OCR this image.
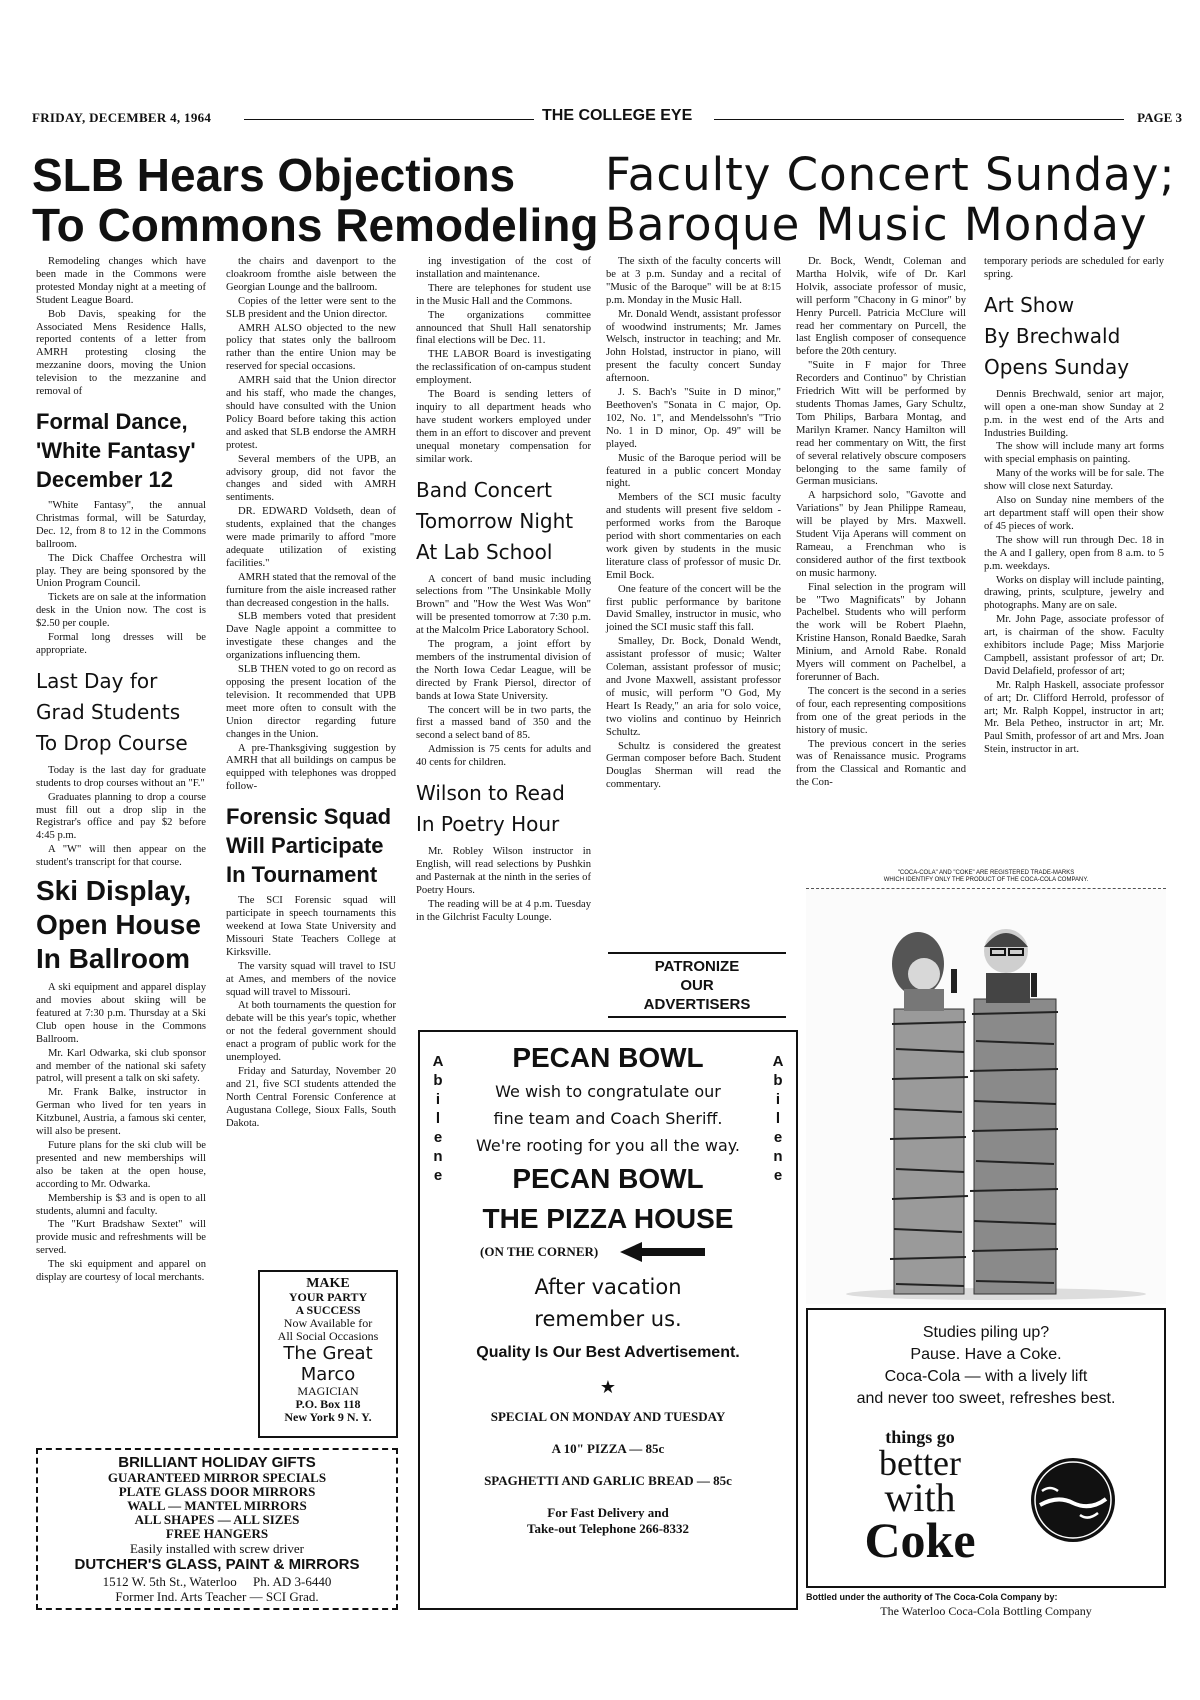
FRIDAY, DECEMBER 4, 1964	THE COLLEGE EYE	PAGE 3
SLB Hears Objections
To Commons Remodeling
Faculty Concert Sunday;
Baroque Music Monday

Remodeling changes which have been made in the Commons were protested Monday night at a meeting of Student League Board.

Bob Davis, speaking for the Associated Mens Residence Halls, reported contents of a letter from AMRH protesting closing the mezzanine doors, moving the Union television to the mezzanine and removal of

Formal Dance,
'White Fantasy'
December 12

"White Fantasy", the annual Christmas formal, will be Saturday, Dec. 12, from 8 to 12 in the Commons ballroom.

The Dick Chaffee Orchestra will play. They are being sponsored by the Union Program Council.

Tickets are on sale at the information desk in the Union now. The cost is $2.50 per couple.

Formal long dresses will be appropriate.

Last Day for
Grad Students
To Drop Course

Today is the last day for graduate students to drop courses without an "F."

Graduates planning to drop a course must fill out a drop slip in the Registrar's office and pay $2 before 4:45 p.m.

A "W" will then appear on the student's transcript for that course.

Ski Display,
Open House
In Ballroom

A ski equipment and apparel display and movies about skiing will be featured at 7:30 p.m. Thursday at a Ski Club open house in the Commons Ballroom.

Mr. Karl Odwarka, ski club sponsor and member of the national ski safety patrol, will present a talk on ski safety.

Mr. Frank Balke, instructor in German who lived for ten years in Kitzbunel, Austria, a famous ski center, will also be present.

Future plans for the ski club will be presented and new memberships will also be taken at the open house, according to Mr. Odwarka.

Membership is $3 and is open to all students, alumni and faculty.

The "Kurt Bradshaw Sextet" will provide music and refreshments will be served.

The ski equipment and apparel on display are courtesy of local merchants.

the chairs and davenport to the cloakroom fromthe aisle between the Georgian Lounge and the ballroom.

Copies of the letter were sent to the SLB president and the Union director.

AMRH ALSO objected to the new policy that states only the ballroom rather than the entire Union may be reserved for special occasions.

AMRH said that the Union director and his staff, who made the changes, should have consulted with the Union Policy Board before taking this action and asked that SLB endorse the AMRH protest.

Several members of the UPB, an advisory group, did not favor the changes and sided with AMRH sentiments.

DR. EDWARD Voldseth, dean of students, explained that the changes were made primarily to afford "more adequate utilization of existing facilities."

AMRH stated that the removal of the furniture from the aisle increased rather than decreased congestion in the halls.

SLB members voted that president Dave Nagle appoint a committee to investigate these changes and the organizations influencing them.

SLB THEN voted to go on record as opposing the present location of the television. It recommended that UPB meet more often to consult with the Union director regarding future changes in the Union.

A pre-Thanksgiving suggestion by AMRH that all buildings on campus be equipped with telephones was dropped follow-

Forensic Squad
Will Participate
In Tournament

The SCI Forensic squad will participate in speech tournaments this weekend at Iowa State University and Missouri State Teachers College at Kirksville.

The varsity squad will travel to ISU at Ames, and members of the novice squad will travel to Missouri.

At both tournaments the question for debate will be this year's topic, whether or not the federal government should enact a program of public work for the unemployed.

Friday and Saturday, November 20 and 21, five SCI students attended the North Central Forensic Conference at Augustana College, Sioux Falls, South Dakota.

MAKE
YOUR PARTY
A SUCCESS
Now Available for
All Social Occasions
The Great
Marco
MAGICIAN
P.O. Box 118
New York 9 N. Y.
BRILLIANT HOLIDAY GIFTS
GUARANTEED MIRROR SPECIALS
PLATE GLASS DOOR MIRRORS
WALL — MANTEL MIRRORS
ALL SHAPES — ALL SIZES
FREE HANGERS
Easily installed with screw driver
DUTCHER'S GLASS, PAINT & MIRRORS
1512 W. 5th St., Waterloo     Ph. AD 3-6440
Former Ind. Arts Teacher — SCI Grad.

ing investigation of the cost of installation and maintenance.

There are telephones for student use in the Music Hall and the Commons.

The organizations committee announced that Shull Hall senatorship final elections will be Dec. 11.

THE LABOR Board is investigating the reclassification of on-campus student employment.

The Board is sending letters of inquiry to all department heads who have student workers employed under them in an effort to discover and prevent unequal monetary compensation for similar work.

Band Concert
Tomorrow Night
At Lab School

A concert of band music including selections from "The Unsinkable Molly Brown" and "How the West Was Won" will be presented tomorrow at 7:30 p.m. at the Malcolm Price Laboratory School.

The program, a joint effort by members of the instrumental division of the North Iowa Cedar League, will be directed by Frank Piersol, director of bands at Iowa State University.

The concert will be in two parts, the first a massed band of 350 and the second a select band of 85.

Admission is 75 cents for adults and 40 cents for children.

Wilson to Read
In Poetry Hour

Mr. Robley Wilson instructor in English, will read selections by Pushkin and Pasternak at the ninth in the series of Poetry Hours.

The reading will be at 4 p.m. Tuesday in the Gilchrist Faculty Lounge.

The sixth of the faculty concerts will be at 3 p.m. Sunday and a recital of "Music of the Baroque" will be at 8:15 p.m. Monday in the Music Hall.

Mr. Donald Wendt, assistant professor of woodwind instruments; Mr. James Welsch, instructor in teaching; and Mr. John Holstad, instructor in piano, will present the faculty concert Sunday afternoon.

J. S. Bach's "Suite in D minor," Beethoven's "Sonata in C major, Op. 102, No. 1", and Mendelssohn's "Trio No. 1 in D minor, Op. 49" will be played.

Music of the Baroque period will be featured in a public concert Monday night.

Members of the SCI music faculty and students will present five seldom - performed works from the Baroque period with short commentaries on each work given by students in the music literature class of professor of music Dr. Emil Bock.

One feature of the concert will be the first public performance by baritone David Smalley, instructor in music, who joined the SCI music staff this fall.

Smalley, Dr. Bock, Donald Wendt, assistant professor of music; Walter Coleman, assistant professor of music; and Jvone Maxwell, assistant professor of music, will perform "O God, My Heart Is Ready," an aria for solo voice, two violins and continuo by Heinrich Schultz.

Schultz is considered the greatest German composer before Bach. Student Douglas Sherman will read the commentary.

PATRONIZE
OUR
ADVERTISERS

Dr. Bock, Wendt, Coleman and Martha Holvik, wife of Dr. Karl Holvik, associate professor of music, will perform "Chacony in G minor" by Henry Purcell. Patricia McClure will read her commentary on Purcell, the last English composer of consequence before the 20th century.

"Suite in F major for Three Recorders and Continuo" by Christian Friedrich Witt will be performed by students Thomas James, Gary Schultz, Tom Philips, Barbara Montag, and Marilyn Kramer. Nancy Hamilton will read her commentary on Witt, the first of several relatively obscure composers belonging to the same family of German musicians.

A harpsichord solo, "Gavotte and Variations" by Jean Philippe Rameau, will be played by Mrs. Maxwell. Student Vija Aperans will comment on Rameau, a Frenchman who is considered author of the first textbook on music harmony.

Final selection in the program will be "Two Magnificats" by Johann Pachelbel. Students who will perform the work will be Robert Plaehn, Kristine Hanson, Ronald Baedke, Sarah Minium, and Arnold Rabe. Ronald Myers will comment on Pachelbel, a forerunner of Bach.

The concert is the second in a series of four, each representing compositions from one of the great periods in the history of music.

The previous concert in the series was of Renaissance music. Programs from the Classical and Romantic and the Con-

temporary periods are scheduled for early spring.

Art Show
By Brechwald
Opens Sunday

Dennis Brechwald, senior art major, will open a one-man show Sunday at 2 p.m. in the west end of the Arts and Industries Building.

The show will include many art forms with special emphasis on painting.

Many of the works will be for sale. The show will close next Saturday.

Also on Sunday nine members of the art department staff will open their show of 45 pieces of work.

The show will run through Dec. 18 in the A and I gallery, open from 8 a.m. to 5 p.m. weekdays.

Works on display will include painting, drawing, prints, sculpture, jewelry and photographs. Many are on sale.

Mr. John Page, associate professor of art, is chairman of the show. Faculty exhibitors include Page; Miss Marjorie Campbell, assistant professor of art; Dr. David Delafield, professor of art;

Mr. Ralph Haskell, associate professor of art; Dr. Clifford Herrold, professor of art; Mr. Ralph Koppel, instructor in art; Mr. Bela Petheo, instructor in art; Mr. Paul Smith, professor of art and Mrs. Joan Stein, instructor in art.

A
b
i
l
e
n
e
A
b
i
l
e
n
e
PECAN BOWL
We wish to congratulate our
fine team and Coach Sheriff.
We're rooting for you all the way.
PECAN BOWL
THE PIZZA HOUSE
(ON THE CORNER)
After vacation
remember us.
Quality Is Our Best Advertisement.
★
SPECIAL ON MONDAY AND TUESDAY
A 10" PIZZA — 85c
SPAGHETTI AND GARLIC BREAD — 85c
For Fast Delivery and
Take-out Telephone 266-8332
"COCA-COLA" AND "COKE" ARE REGISTERED TRADE-MARKS
WHICH IDENTIFY ONLY THE PRODUCT OF THE COCA-COLA COMPANY.
Studies piling up?
Pause. Have a Coke.
Coca-Cola — with a lively lift
and never too sweet, refreshes best.
things go
better
with
Coke
Bottled under the authority of The Coca-Cola Company by:
The Waterloo Coca-Cola Bottling Company
